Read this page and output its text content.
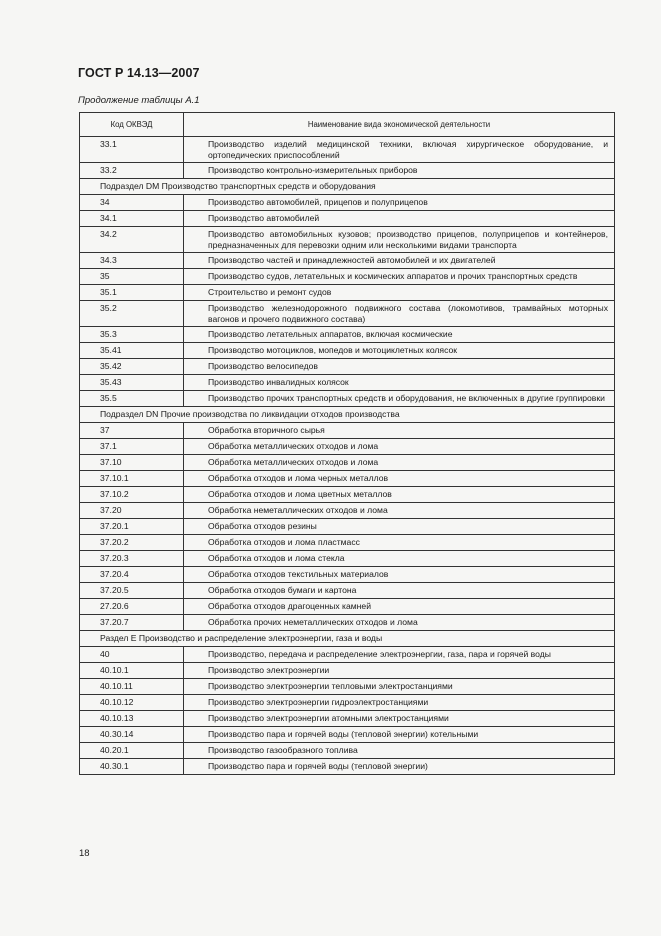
ГОСТ Р 14.13—2007
Продолжение таблицы А.1
Код ОКВЭД	Наименование вида экономической деятельности
33.1	Производство изделий медицинской техники, включая хирургическое оборудование, и ортопедических приспособлений
33.2	Производство контрольно-измерительных приборов
Подраздел DM Производство транспортных средств и оборудования	
34	Производство автомобилей, прицепов и полуприцепов
34.1	Производство автомобилей
34.2	Производство автомобильных кузовов; производство прицепов, полуприцепов и контейнеров, предназначенных для перевозки одним или несколькими видами транспорта
34.3	Производство частей и принадлежностей автомобилей и их двигателей
35	Производство судов, летательных и космических аппаратов и прочих транспортных средств
35.1	Строительство и ремонт судов
35.2	Производство железнодорожного подвижного состава (локомотивов, трамвайных моторных вагонов и прочего подвижного состава)
35.3	Производство летательных аппаратов, включая космические
35.41	Производство мотоциклов, мопедов и мотоциклетных колясок
35.42	Производство велосипедов
35.43	Производство инвалидных колясок
35.5	Производство прочих транспортных средств и оборудования, не включенных в другие группировки
Подраздел DN Прочие производства по ликвидации отходов производства	
37	Обработка вторичного сырья
37.1	Обработка металлических отходов и лома
37.10	Обработка металлических отходов и лома
37.10.1	Обработка отходов и лома черных металлов
37.10.2	Обработка отходов и лома цветных металлов
37.20	Обработка неметаллических отходов и лома
37.20.1	Обработка отходов резины
37.20.2	Обработка отходов и лома пластмасс
37.20.3	Обработка отходов и лома стекла
37.20.4	Обработка отходов текстильных материалов
37.20.5	Обработка отходов бумаги и картона
27.20.6	Обработка отходов драгоценных камней
37.20.7	Обработка прочих неметаллических отходов и лома
Раздел E Производство и распределение электроэнергии, газа и воды	
40	Производство, передача и распределение электроэнергии, газа, пара и горячей воды
40.10.1	Производство электроэнергии
40.10.11	Производство электроэнергии тепловыми электростанциями
40.10.12	Производство электроэнергии гидроэлектростанциями
40.10.13	Производство электроэнергии атомными электростанциями
40.30.14	Производство пара и горячей воды (тепловой энергии) котельными
40.20.1	Производство газообразного топлива
40.30.1	Производство пара и горячей воды (тепловой энергии)
18
